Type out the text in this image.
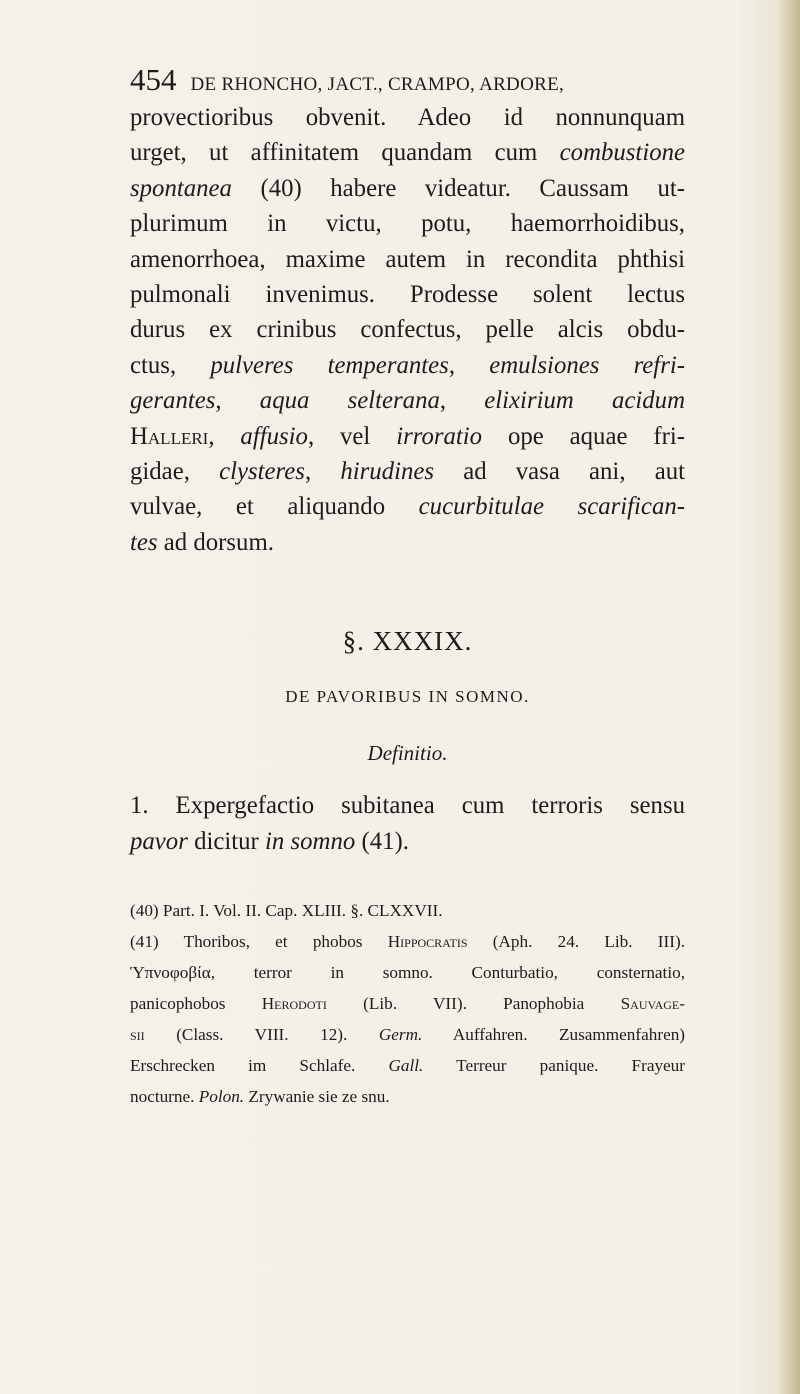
454 DE RHONCHO, JACT., CRAMPO, ARDORE,
provectioribus obvenit. Adeo id nonnunquam
urget, ut affinitatem quandam cum combustione
spontanea (40) habere videatur. Caussam ut-
plurimum in victu, potu, haemorrhoidibus,
amenorrhoea, maxime autem in recondita phthisi
pulmonali invenimus. Prodesse solent lectus
durus ex crinibus confectus, pelle alcis obdu-
ctus, pulveres temperantes, emulsiones refri-
gerantes, aqua selterana, elixirium acidum
Halleri, affusio, vel irroratio ope aquae fri-
gidae, clysteres, hirudines ad vasa ani, aut
vulvae, et aliquando cucurbitulae scarifican-
tes ad dorsum.
§. XXXIX.
DE PAVORIBUS IN SOMNO.
Definitio.
1. Expergefactio subitanea cum terroris sensu
pavor dicitur in somno (41).
(40) Part. I. Vol. II. Cap. XLIII. §. CLXXVII.
(41) Thoribos, et phobos Hippocratis (Aph. 24. Lib. III).
Ὑπνοφοβία, terror in somno. Conturbatio, consternatio,
panicophobos Herodoti (Lib. VII). Panophobia Sauvage-
sii (Class. VIII. 12). Germ. Auffahren. Zusammenfahren)
Erschrecken im Schlafe. Gall. Terreur panique. Frayeur
nocturne. Polon. Zrywanie sie ze snu.
